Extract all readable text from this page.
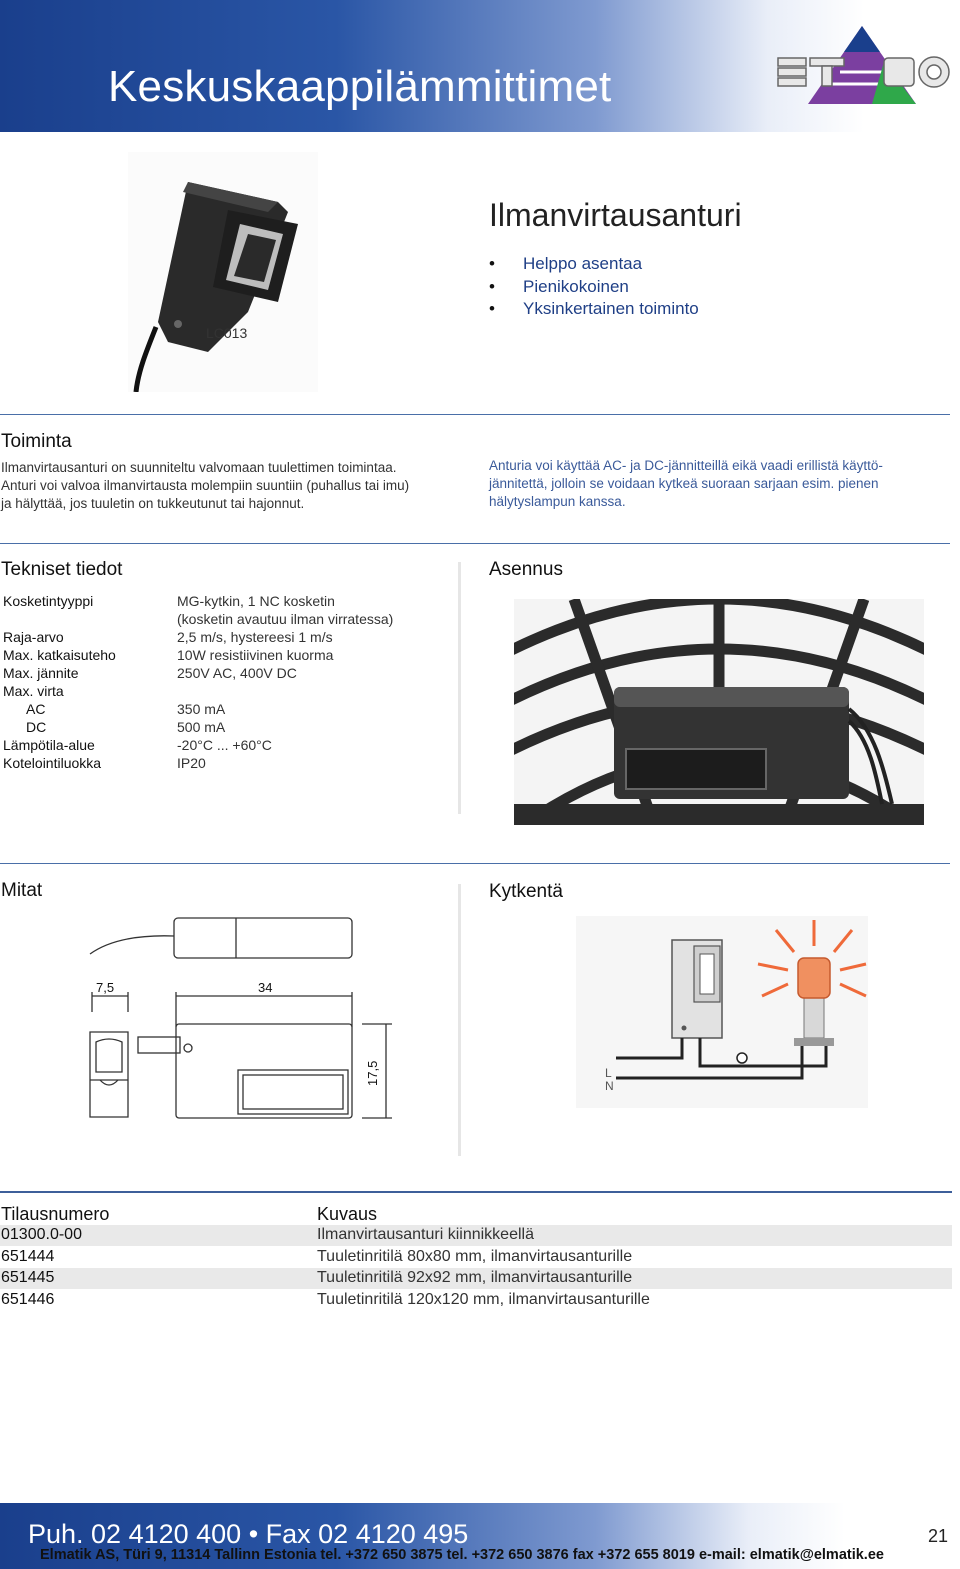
Keskuskaappilämmittimet
LC013
Ilmanvirtausanturi
• Helppo asentaa
• Pienikokoinen
• Yksinkertainen toiminto
Toiminta
Ilmanvirtausanturi on suunniteltu valvomaan tuulettimen toimintaa.
Anturi voi valvoa ilmanvirtausta molempiin suuntiin (puhallus tai imu)
ja hälyttää, jos tuuletin on tukkeutunut tai hajonnut.
Anturia voi käyttää AC- ja DC-jännitteillä eikä vaadi erillistä käyttö-
jännitettä, jolloin se voidaan kytkeä suoraan sarjaan esim. pienen
hälytyslampun kanssa.
Tekniset tiedot	Asennus
Kosketintyyppi	MG-kytkin, 1 NC kosketin
(kosketin avautuu ilman virratessa)
Raja-arvo	2,5 m/s, hystereesi 1 m/s
Max. katkaisuteho	10W resistiivinen kuorma
Max. jännite	250V AC, 400V DC
Max. virta
AC	350 mA
DC	500 mA
Lämpötila-alue	-20°C ... +60°C
Kotelointiluokka	IP20
Mitat	Kytkentä
7,5	34
17,5	L
N
Tilausnumero	Kuvaus
01300.0-00	Ilmanvirtausanturi kiinnikkeellä
651444	Tuuletinritilä 80x80 mm, ilmanvirtausanturille
651445	Tuuletinritilä 92x92 mm, ilmanvirtausanturille
651446	Tuuletinritilä 120x120 mm, ilmanvirtausanturille
Puh. 02 4120 400 • Fax 02 4120 495	21
Elmatik AS, Türi 9, 11314 Tallinn Estonia tel. +372 650 3875 tel. +372 650 3876 fax +372 655 8019 e-mail: elmatik@elmatik.ee
